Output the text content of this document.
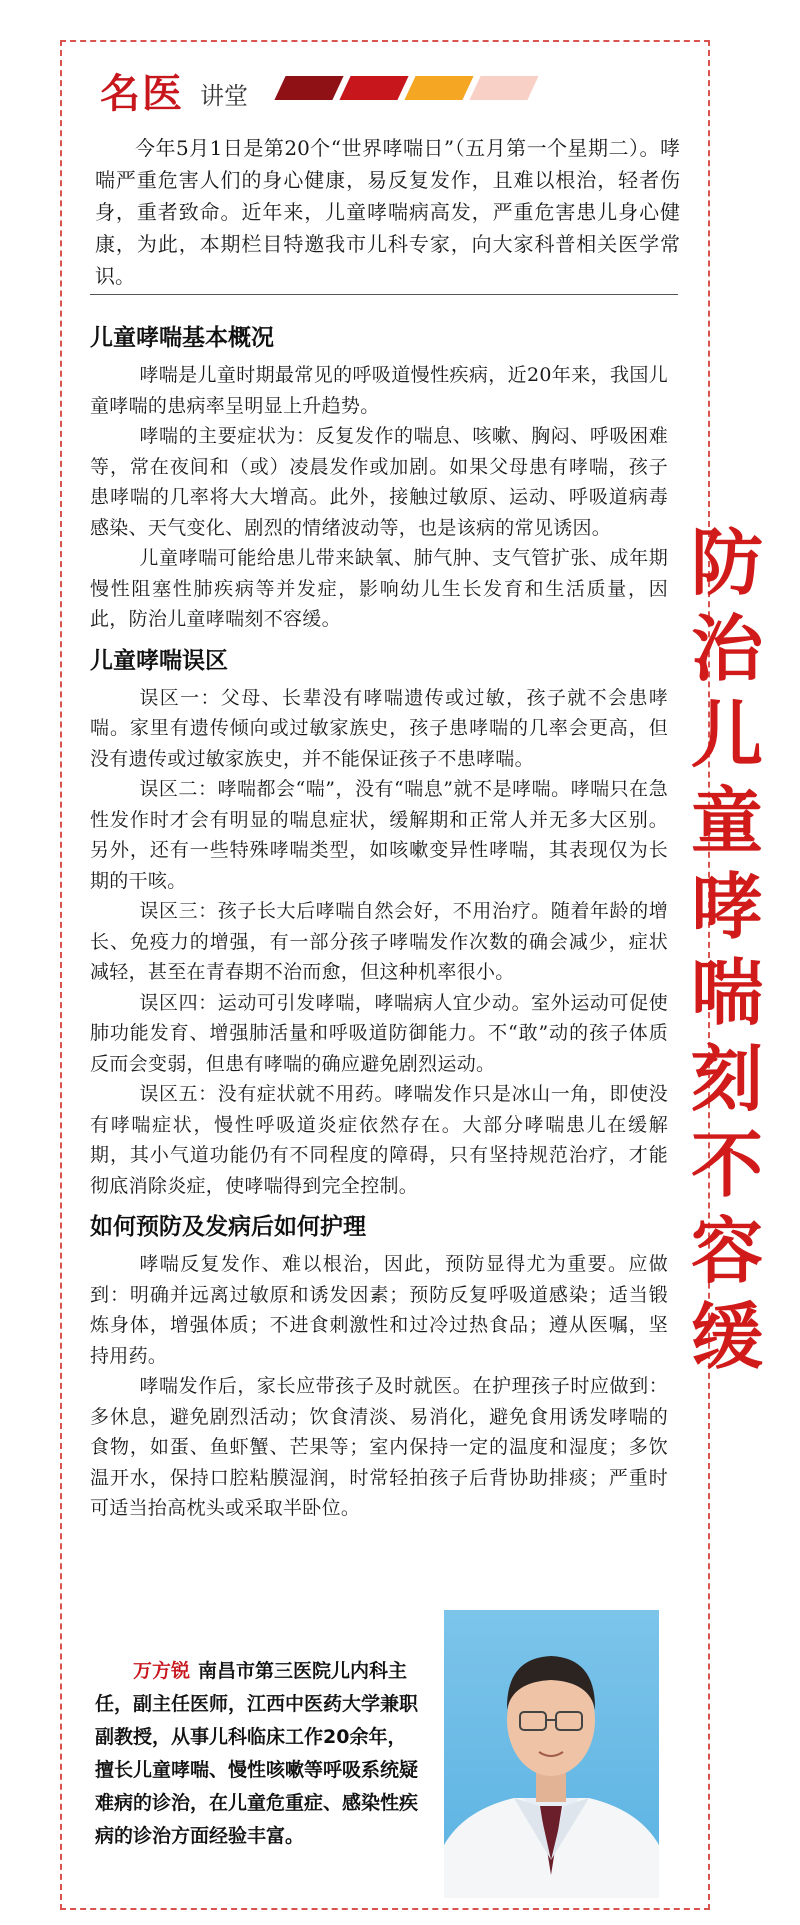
名医 讲堂

今年5月1日是第20个“世界哮喘日”（五月第一个星期二）。哮喘严重危害人们的身心健康，易反复发作，且难以根治，轻者伤身，重者致命。近年来，儿童哮喘病高发，严重危害患儿身心健康，为此，本期栏目特邀我市儿科专家，向大家科普相关医学常识。

儿童哮喘基本概况

哮喘是儿童时期最常见的呼吸道慢性疾病，近20年来，我国儿童哮喘的患病率呈明显上升趋势。

哮喘的主要症状为：反复发作的喘息、咳嗽、胸闷、呼吸困难等，常在夜间和（或）凌晨发作或加剧。如果父母患有哮喘，孩子患哮喘的几率将大大增高。此外，接触过敏原、运动、呼吸道病毒感染、天气变化、剧烈的情绪波动等，也是该病的常见诱因。

儿童哮喘可能给患儿带来缺氧、肺气肿、支气管扩张、成年期慢性阻塞性肺疾病等并发症，影响幼儿生长发育和生活质量，因此，防治儿童哮喘刻不容缓。

儿童哮喘误区

误区一：父母、长辈没有哮喘遗传或过敏，孩子就不会患哮喘。家里有遗传倾向或过敏家族史，孩子患哮喘的几率会更高，但没有遗传或过敏家族史，并不能保证孩子不患哮喘。

误区二：哮喘都会“喘”，没有“喘息”就不是哮喘。哮喘只在急性发作时才会有明显的喘息症状，缓解期和正常人并无多大区别。另外，还有一些特殊哮喘类型，如咳嗽变异性哮喘，其表现仅为长期的干咳。

误区三：孩子长大后哮喘自然会好，不用治疗。随着年龄的增长、免疫力的增强，有一部分孩子哮喘发作次数的确会减少，症状减轻，甚至在青春期不治而愈，但这种机率很小。

误区四：运动可引发哮喘，哮喘病人宜少动。室外运动可促使肺功能发育、增强肺活量和呼吸道防御能力。不“敢”动的孩子体质反而会变弱，但患有哮喘的确应避免剧烈运动。

误区五：没有症状就不用药。哮喘发作只是冰山一角，即使没有哮喘症状，慢性呼吸道炎症依然存在。大部分哮喘患儿在缓解期，其小气道功能仍有不同程度的障碍，只有坚持规范治疗，才能彻底消除炎症，使哮喘得到完全控制。

如何预防及发病后如何护理

哮喘反复发作、难以根治，因此，预防显得尤为重要。应做到：明确并远离过敏原和诱发因素；预防反复呼吸道感染；适当锻炼身体，增强体质；不进食刺激性和过冷过热食品；遵从医嘱，坚持用药。

哮喘发作后，家长应带孩子及时就医。在护理孩子时应做到：多休息，避免剧烈活动；饮食清淡、易消化，避免食用诱发哮喘的食物，如蛋、鱼虾蟹、芒果等；室内保持一定的温度和湿度；多饮温开水，保持口腔粘膜湿润，时常轻拍孩子后背协助排痰；严重时可适当抬高枕头或采取半卧位。

防
治
儿
童
哮
喘
刻
不
容
缓

万方锐 南昌市第三医院儿内科主任，副主任医师，江西中医药大学兼职副教授，从事儿科临床工作20余年，擅长儿童哮喘、慢性咳嗽等呼吸系统疑难病的诊治，在儿童危重症、感染性疾病的诊治方面经验丰富。
